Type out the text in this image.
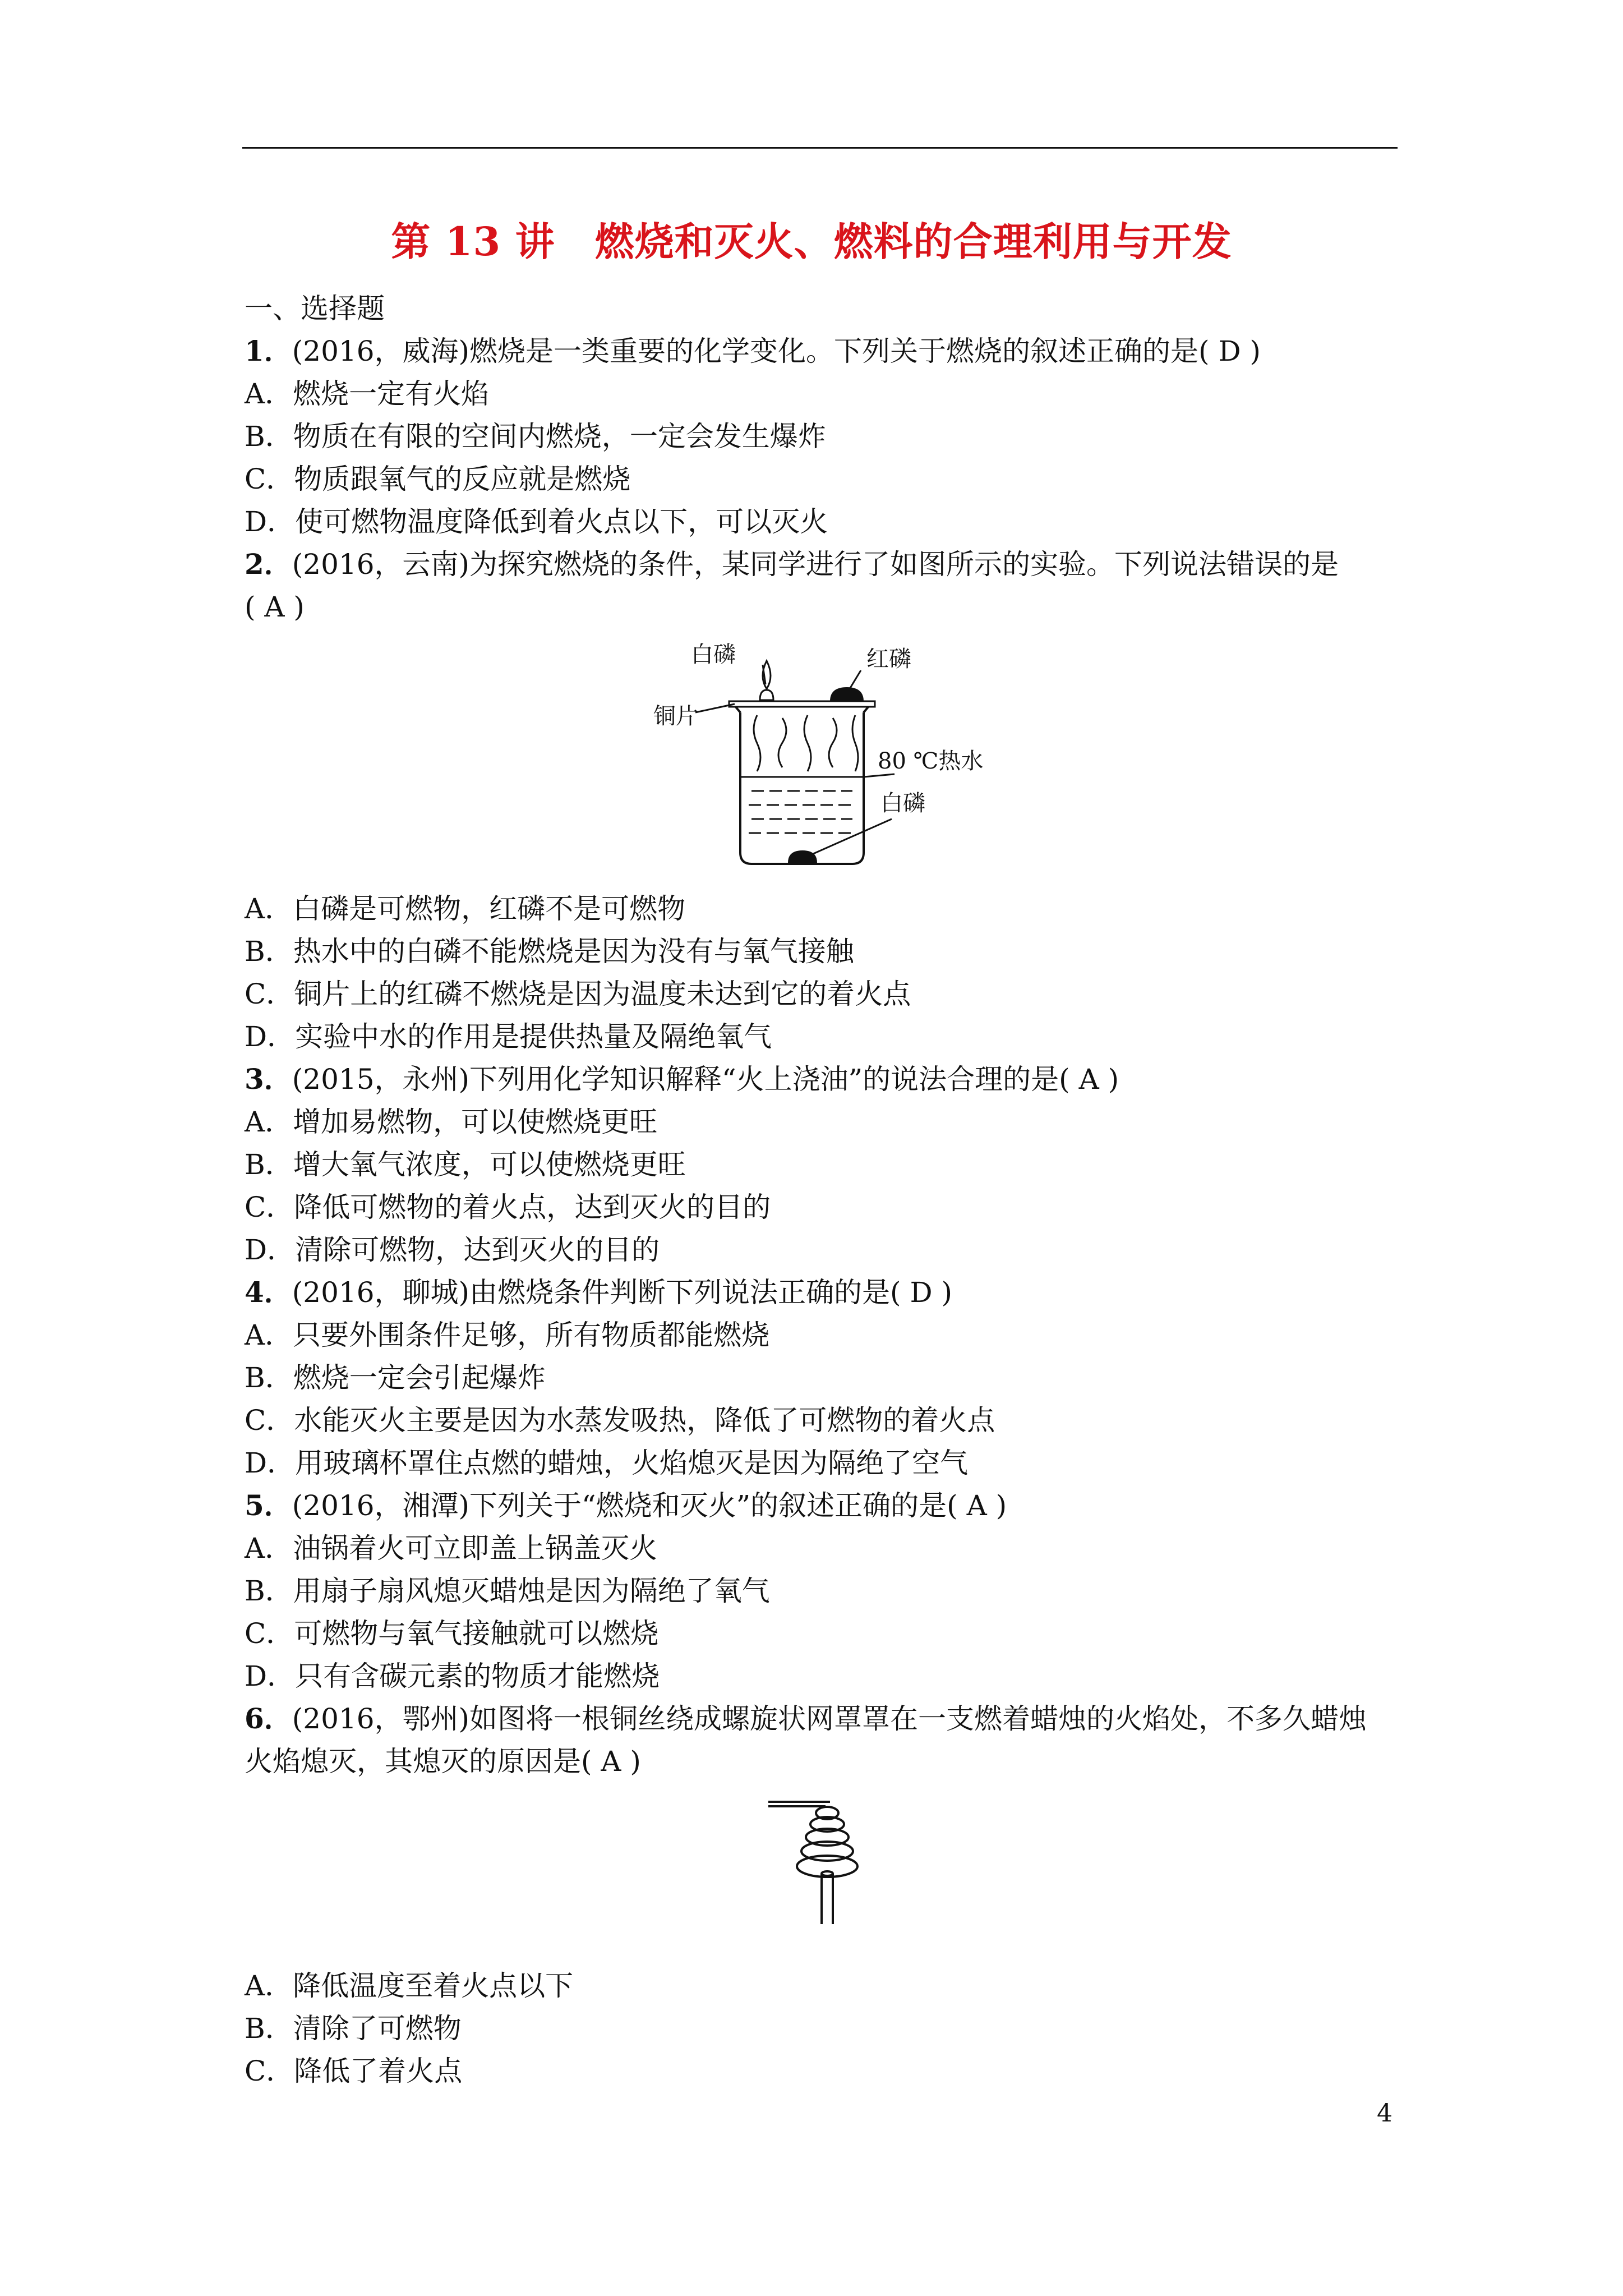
第 13 讲　燃烧和灭火、燃料的合理利用与开发
一、选择题
1．(2016，威海)燃烧是一类重要的化学变化。下列关于燃烧的叙述正确的是( D )
A．燃烧一定有火焰
B．物质在有限的空间内燃烧，一定会发生爆炸
C．物质跟氧气的反应就是燃烧
D．使可燃物温度降低到着火点以下，可以灭火
2．(2016，云南)为探究燃烧的条件，某同学进行了如图所示的实验。下列说法错误的是
( A )
白磷	红磷
铜片
80 ℃热水
白磷
A．白磷是可燃物，红磷不是可燃物
B．热水中的白磷不能燃烧是因为没有与氧气接触
C．铜片上的红磷不燃烧是因为温度未达到它的着火点
D．实验中水的作用是提供热量及隔绝氧气
3．(2015，永州)下列用化学知识解释“火上浇油”的说法合理的是( A )
A．增加易燃物，可以使燃烧更旺
B．增大氧气浓度，可以使燃烧更旺
C．降低可燃物的着火点，达到灭火的目的
D．清除可燃物，达到灭火的目的
4．(2016，聊城)由燃烧条件判断下列说法正确的是( D )
A．只要外围条件足够，所有物质都能燃烧
B．燃烧一定会引起爆炸
C．水能灭火主要是因为水蒸发吸热，降低了可燃物的着火点
D．用玻璃杯罩住点燃的蜡烛，火焰熄灭是因为隔绝了空气
5．(2016，湘潭)下列关于“燃烧和灭火”的叙述正确的是( A )
A．油锅着火可立即盖上锅盖灭火
B．用扇子扇风熄灭蜡烛是因为隔绝了氧气
C．可燃物与氧气接触就可以燃烧
D．只有含碳元素的物质才能燃烧
6．(2016，鄂州)如图将一根铜丝绕成螺旋状网罩罩在一支燃着蜡烛的火焰处，不多久蜡烛
火焰熄灭，其熄灭的原因是( A )
A．降低温度至着火点以下
B．清除了可燃物
C．降低了着火点
4
